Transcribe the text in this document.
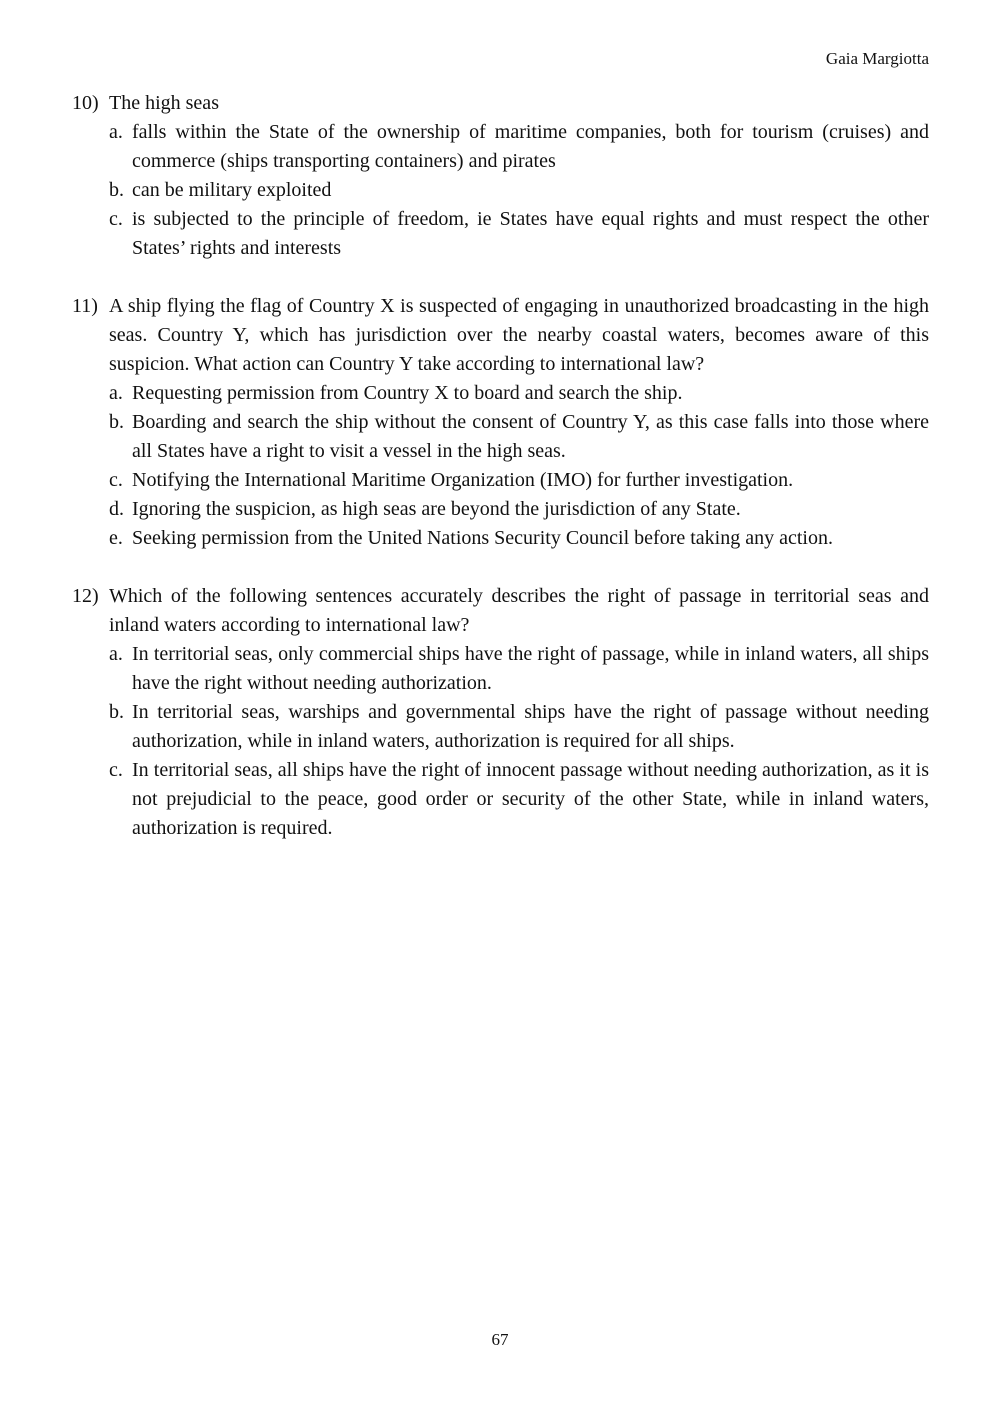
Gaia Margiotta
10) The high seas
a. falls within the State of the ownership of maritime companies, both for tourism (cruises) and commerce (ships transporting containers) and pirates
b. can be military exploited
c. is subjected to the principle of freedom, ie States have equal rights and must respect the other States’ rights and interests
11) A ship flying the flag of Country X is suspected of engaging in unauthorized broadcasting in the high seas. Country Y, which has jurisdiction over the nearby coastal waters, becomes aware of this suspicion. What action can Country Y take according to international law?
a. Requesting permission from Country X to board and search the ship.
b. Boarding and search the ship without the consent of Country Y, as this case falls into those where all States have a right to visit a vessel in the high seas.
c. Notifying the International Maritime Organization (IMO) for further investigation.
d. Ignoring the suspicion, as high seas are beyond the jurisdiction of any State.
e. Seeking permission from the United Nations Security Council before taking any action.
12) Which of the following sentences accurately describes the right of passage in territorial seas and inland waters according to international law?
a. In territorial seas, only commercial ships have the right of passage, while in inland waters, all ships have the right without needing authorization.
b. In territorial seas, warships and governmental ships have the right of passage without needing authorization, while in inland waters, authorization is required for all ships.
c. In territorial seas, all ships have the right of innocent passage without needing authorization, as it is not prejudicial to the peace, good order or security of the other State, while in inland waters, authorization is required.
67
